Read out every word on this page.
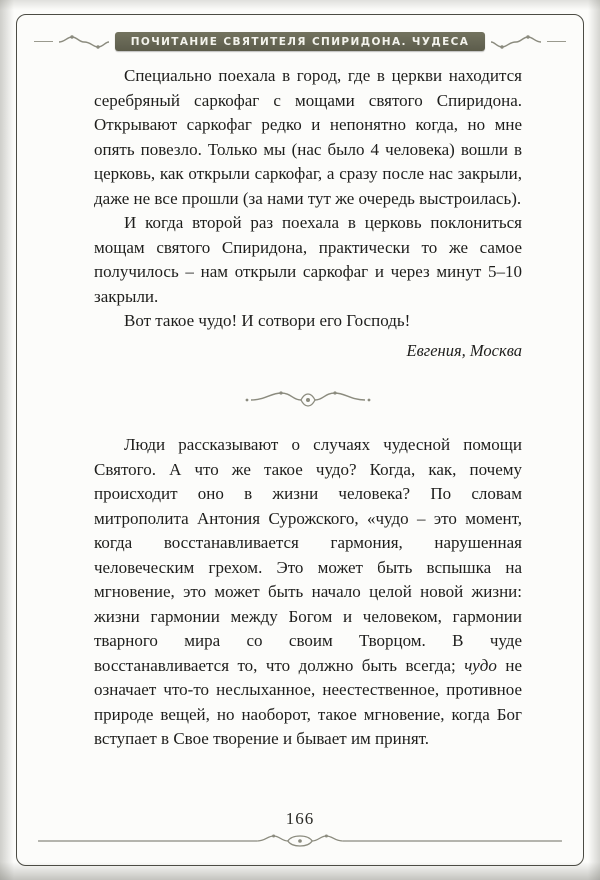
ПОЧИТАНИЕ СВЯТИТЕЛЯ СПИРИДОНА. ЧУДЕСА

Специально поехала в город, где в церкви находится серебряный саркофаг с мощами святого Спиридона. Открывают саркофаг редко и непонятно когда, но мне опять повезло. Только мы (нас было 4 человека) вошли в церковь, как открыли саркофаг, а сразу после нас закрыли, даже не все прошли (за нами тут же очередь выстроилась).

И когда второй раз поехала в церковь поклониться мощам святого Спиридона, практически то же самое получилось – нам открыли саркофаг и через минут 5–10 закрыли.

Вот такое чудо! И сотвори его Господь!

Евгения, Москва

Люди рассказывают о случаях чудесной помощи Святого. А что же такое чудо? Когда, как, почему происходит оно в жизни человека? По словам митрополита Антония Сурожского, «чудо – это момент, когда восстанавливается гармония, нарушенная человеческим грехом. Это может быть вспышка на мгновение, это может быть начало целой новой жизни: жизни гармонии между Богом и человеком, гармонии тварного мира со своим Творцом. В чуде восстанавливается то, что должно быть всегда; чудо не означает что-то неслыханное, неестественное, противное природе вещей, но наоборот, такое мгновение, когда Бог вступает в Свое творение и бывает им принят.

166
